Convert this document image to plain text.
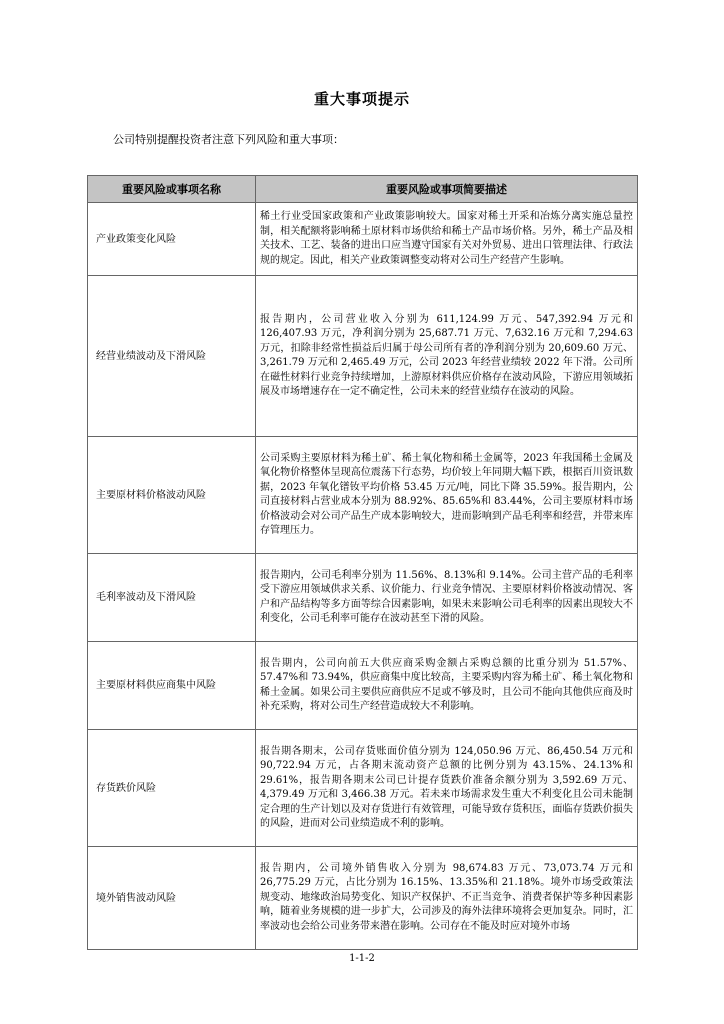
重大事项提示
公司特别提醒投资者注意下列风险和重大事项：
重要风险或事项名称	重要风险或事项简要描述
产业政策变化风险	稀土行业受国家政策和产业政策影响较大。国家对稀土开采和冶炼分离实施总量控制，相关配额将影响稀土原材料市场供给和稀土产品市场价格。另外，稀土产品及相关技术、工艺、装备的进出口应当遵守国家有关对外贸易、进出口管理法律、行政法规的规定。因此，相关产业政策调整变动将对公司生产经营产生影响。
经营业绩波动及下滑风险	报告期内，公司营业收入分别为 611,124.99 万元、547,392.94 万元和 126,407.93 万元，净利润分别为 25,687.71 万元、7,632.16 万元和 7,294.63 万元，扣除非经常性损益后归属于母公司所有者的净利润分别为 20,609.60 万元、3,261.79 万元和 2,465.49 万元，公司 2023 年经营业绩较 2022 年下滑。公司所在磁性材料行业竞争持续增加，上游原材料供应价格存在波动风险，下游应用领域拓展及市场增速存在一定不确定性，公司未来的经营业绩存在波动的风险。
主要原材料价格波动风险	公司采购主要原材料为稀土矿、稀土氧化物和稀土金属等，2023 年我国稀土金属及氧化物价格整体呈现高位震荡下行态势，均价较上年同期大幅下跌，根据百川资讯数据，2023 年氧化镨钕平均价格 53.45 万元/吨，同比下降 35.59%。报告期内，公司直接材料占营业成本分别为 88.92%、85.65%和 83.44%，公司主要原材料市场价格波动会对公司产品生产成本影响较大，进而影响到产品毛利率和经营，并带来库存管理压力。
毛利率波动及下滑风险	报告期内，公司毛利率分别为 11.56%、8.13%和 9.14%。公司主营产品的毛利率受下游应用领域供求关系、议价能力、行业竞争情况、主要原材料价格波动情况、客户和产品结构等多方面等综合因素影响，如果未来影响公司毛利率的因素出现较大不利变化，公司毛利率可能存在波动甚至下滑的风险。
主要原材料供应商集中风险	报告期内，公司向前五大供应商采购金额占采购总额的比重分别为 51.57%、57.47%和 73.94%，供应商集中度比较高，主要采购内容为稀土矿、稀土氧化物和稀土金属。如果公司主要供应商供应不足或不够及时，且公司不能向其他供应商及时补充采购，将对公司生产经营造成较大不利影响。
存货跌价风险	报告期各期末，公司存货账面价值分别为 124,050.96 万元、86,450.54 万元和 90,722.94 万元，占各期末流动资产总额的比例分别为 43.15%、24.13%和 29.61%，报告期各期末公司已计提存货跌价准备余额分别为 3,592.69 万元、4,379.49 万元和 3,466.38 万元。若未来市场需求发生重大不利变化且公司未能制定合理的生产计划以及对存货进行有效管理，可能导致存货积压，面临存货跌价损失的风险，进而对公司业绩造成不利的影响。
境外销售波动风险	报告期内，公司境外销售收入分别为 98,674.83 万元、73,073.74 万元和 26,775.29 万元，占比分别为 16.15%、13.35%和 21.18%。境外市场受政策法规变动、地缘政治局势变化、知识产权保护、不正当竞争、消费者保护等多种因素影响，随着业务规模的进一步扩大，公司涉及的海外法律环境将会更加复杂。同时，汇率波动也会给公司业务带来潜在影响。公司存在不能及时应对境外市场
1-1-2
